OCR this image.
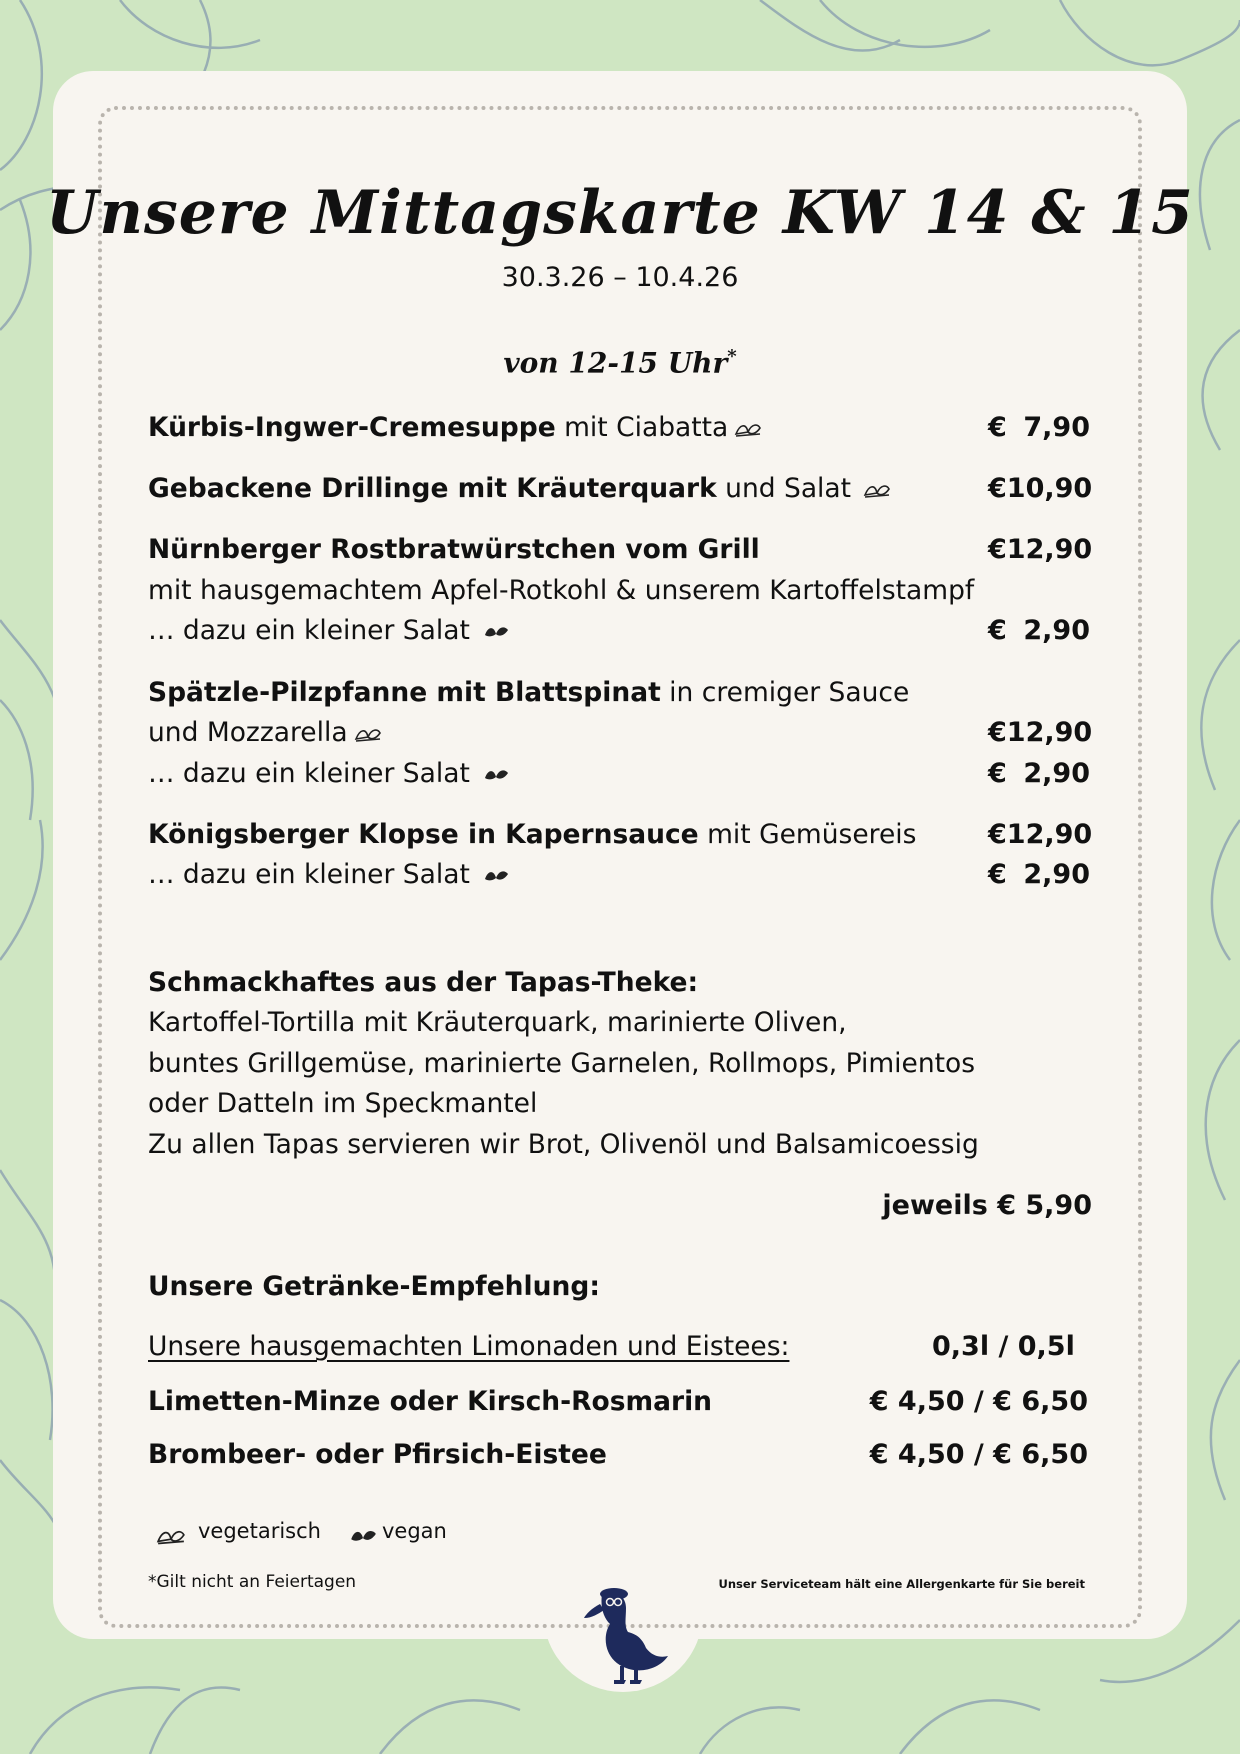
Unsere Mittagskarte KW 14 & 15
30.3.26 – 10.4.26
von 12-15 Uhr*
Kürbis-Ingwer-Cremesuppe mit Ciabatta	€ 7,90
Gebackene Drillinge mit Kräuterquark und Salat	€ 10,90
Nürnberger Rostbratwürstchen vom Grill	€ 12,90
mit hausgemachtem Apfel-Rotkohl & unserem Kartoffelstampf
… dazu ein kleiner Salat	€ 2,90
Spätzle-Pilzpfanne mit Blattspinat in cremiger Sauce
und Mozzarella	€ 12,90
… dazu ein kleiner Salat	€ 2,90
Königsberger Klopse in Kapernsauce mit Gemüsereis	€ 12,90
… dazu ein kleiner Salat	€ 2,90
Schmackhaftes aus der Tapas-Theke:
Kartoffel-Tortilla mit Kräuterquark, marinierte Oliven,
buntes Grillgemüse, marinierte Garnelen, Rollmops, Pimientos
oder Datteln im Speckmantel
Zu allen Tapas servieren wir Brot, Olivenöl und Balsamicoessig
jeweils € 5,90
Unsere Getränke-Empfehlung:
Unsere hausgemachten Limonaden und Eistees:	0,3l / 0,5l
Limetten-Minze oder Kirsch-Rosmarin	€ 4,50 / € 6,50
Brombeer- oder Pfirsich-Eistee	€ 4,50 / € 6,50
vegetarisch	vegan
*Gilt nicht an Feiertagen	Unser Serviceteam hält eine Allergenkarte für Sie bereit
